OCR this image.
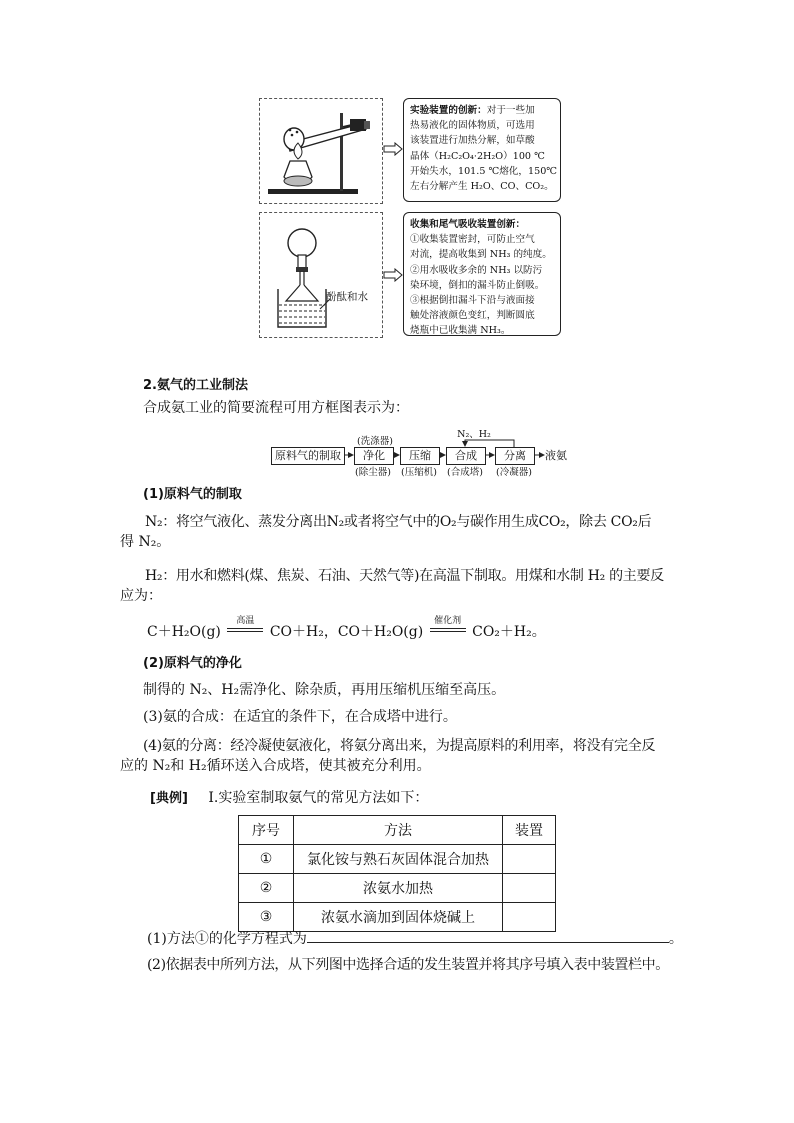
实验装置的创新：对于一些加
热易液化的固体物质，可选用
该装置进行加热分解，如草酸
晶体（H₂C₂O₄·2H₂O）100 ℃
开始失水，101.5 ℃熔化，150℃
左右分解产生 H₂O、CO、CO₂。
酚酞和水
收集和尾气吸收装置创新：
①收集装置密封，可防止空气
对流，提高收集到 NH₃ 的纯度。
②用水吸收多余的 NH₃ 以防污
染环境，倒扣的漏斗防止倒吸。
③根据倒扣漏斗下沿与液面接
触处溶液颜色变红，判断圆底
烧瓶中已收集满 NH₃。
2.氨气的工业制法
合成氨工业的简要流程可用方框图表示为：
(洗涤器)
N₂、H₂
原料气的制取	净化	压缩	合成	分离	液氨
(除尘器)	(压缩机)	(合成塔)	(冷凝器)
(1)原料气的制取
N₂：将空气液化、蒸发分离出N₂或者将空气中的O₂与碳作用生成CO₂，除去 CO₂后
得 N₂。
H₂：用水和燃料(煤、焦炭、石油、天然气等)在高温下制取。用煤和水制 H₂ 的主要反
应为：
C＋H₂O(g)
高温
CO＋H₂，CO＋H₂O(g)
催化剂
CO₂＋H₂。
(2)原料气的净化
制得的 N₂、H₂需净化、除杂质，再用压缩机压缩至高压。
(3)氨的合成：在适宜的条件下，在合成塔中进行。
(4)氨的分离：经冷凝使氨液化，将氨分离出来，为提高原料的利用率，将没有完全反
应的 N₂和 H₂循环送入合成塔，使其被充分利用。
[典例] Ⅰ.实验室制取氨气的常见方法如下：
序号	方法	装置
①	氯化铵与熟石灰固体混合加热	
②	浓氨水加热	
③	浓氨水滴加到固体烧碱上	
(1)方法①的化学方程式为	。
(2)依据表中所列方法，从下列图中选择合适的发生装置并将其序号填入表中装置栏中。
